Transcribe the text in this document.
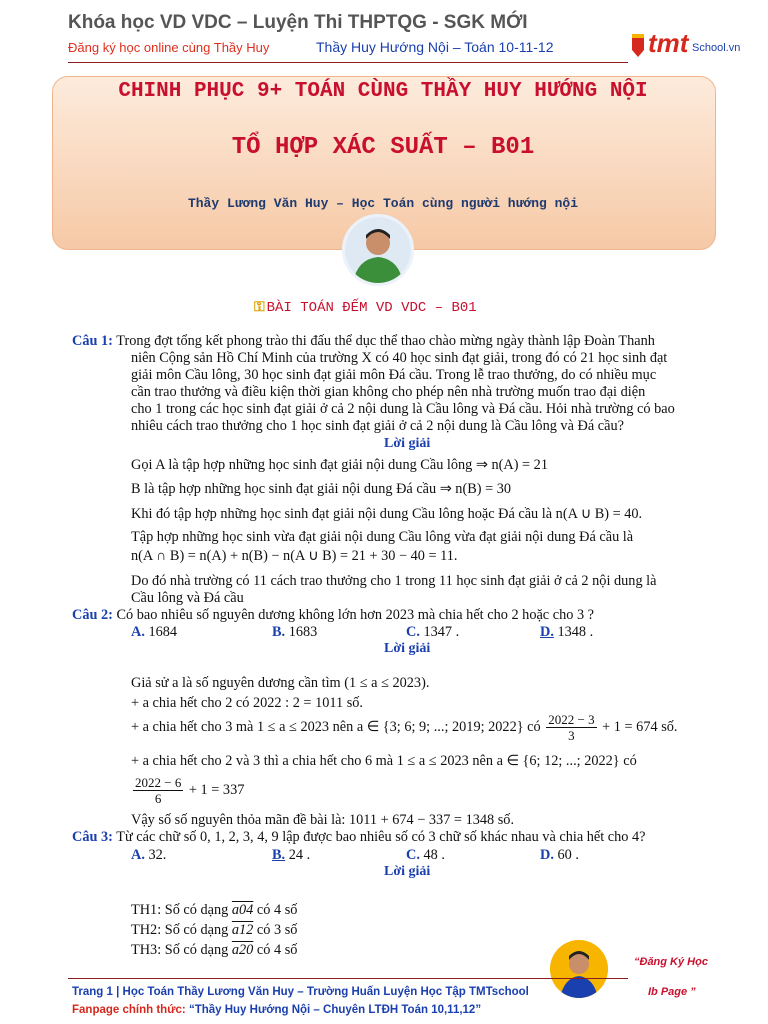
Khóa học VD VDC – Luyện Thi THPTQG - SGK MỚI
Đăng ký học online cùng Thầy Huy	Thầy Huy Hướng Nội – Toán 10-11-12	tmt School.vn
CHINH PHỤC 9+ TOÁN CÙNG THẦY HUY HƯỚNG NỘI
TỔ HỢP XÁC SUẤT – B01
Thầy Lương Văn Huy – Học Toán cùng người hướng nội
⚿ BÀI TOÁN ĐẾM VD VDC – B01
Câu 1: Trong đợt tổng kết phong trào thi đấu thể dục thể thao chào mừng ngày thành lập Đoàn Thanh
niên Cộng sản Hồ Chí Minh của trường X có 40 học sinh đạt giải, trong đó có 21 học sinh đạt
giải môn Cầu lông, 30 học sinh đạt giải môn Đá cầu. Trong lễ trao thưởng, do có nhiều mục
cần trao thưởng và điều kiện thời gian không cho phép nên nhà trường muốn trao đại diện
cho 1 trong các học sinh đạt giải ở cả 2 nội dung là Cầu lông và Đá cầu. Hỏi nhà trường có bao
nhiêu cách trao thưởng cho 1 học sinh đạt giải ở cả 2 nội dung là Cầu lông và Đá cầu?
Lời giải
Gọi A là tập hợp những học sinh đạt giải nội dung Cầu lông ⇒ n(A) = 21
B là tập hợp những học sinh đạt giải nội dung Đá cầu ⇒ n(B) = 30
Khi đó tập hợp những học sinh đạt giải nội dung Cầu lông hoặc Đá cầu là n(A ∪ B) = 40.
Tập hợp những học sinh vừa đạt giải nội dung Cầu lông vừa đạt giải nội dung Đá cầu là
n(A ∩ B) = n(A) + n(B) − n(A ∪ B) = 21 + 30 − 40 = 11.
Do đó nhà trường có 11 cách trao thưởng cho 1 trong 11 học sinh đạt giải ở cả 2 nội dung là
Cầu lông và Đá cầu
Câu 2: Có bao nhiêu số nguyên dương không lớn hơn 2023 mà chia hết cho 2 hoặc cho 3 ?
A. 1684	B. 1683	C. 1347 .	D. 1348 .
Lời giải
Giả sử a là số nguyên dương cần tìm (1 ≤ a ≤ 2023).
+ a chia hết cho 2 có 2022 : 2 = 1011 số.
+ a chia hết cho 3 mà 1 ≤ a ≤ 2023 nên a ∈ {3; 6; 9; ...; 2019; 2022} có $\frac{2022 - 3}{3} + 1 = 674$ số.
+ a chia hết cho 2 và 3 thì a chia hết cho 6 mà 1 ≤ a ≤ 2023 nên a ∈ {6; 12; ...; 2022} có
$\frac{2022 - 6}{6} + 1 = 337$
Vậy số số nguyên thỏa mãn đề bài là: 1011 + 674 − 337 = 1348 số.
Câu 3: Từ các chữ số 0, 1, 2, 3, 4, 9 lập được bao nhiêu số có 3 chữ số khác nhau và chia hết cho 4?
A. 32.	B. 24 .	C. 48 .	D. 60 .
Lời giải
TH1: Số có dạng a04 có 4 số
TH2: Số có dạng a12 có 3 số
TH3: Số có dạng a20 có 4 số
“Đăng Ký Học
Ib Page ”
Trang 1 | Học Toán Thầy Lương Văn Huy – Trường Huấn Luyện Học Tập TMTschool
Fanpage chính thức: “Thầy Huy Hướng Nội – Chuyên LTĐH Toán 10,11,12”
